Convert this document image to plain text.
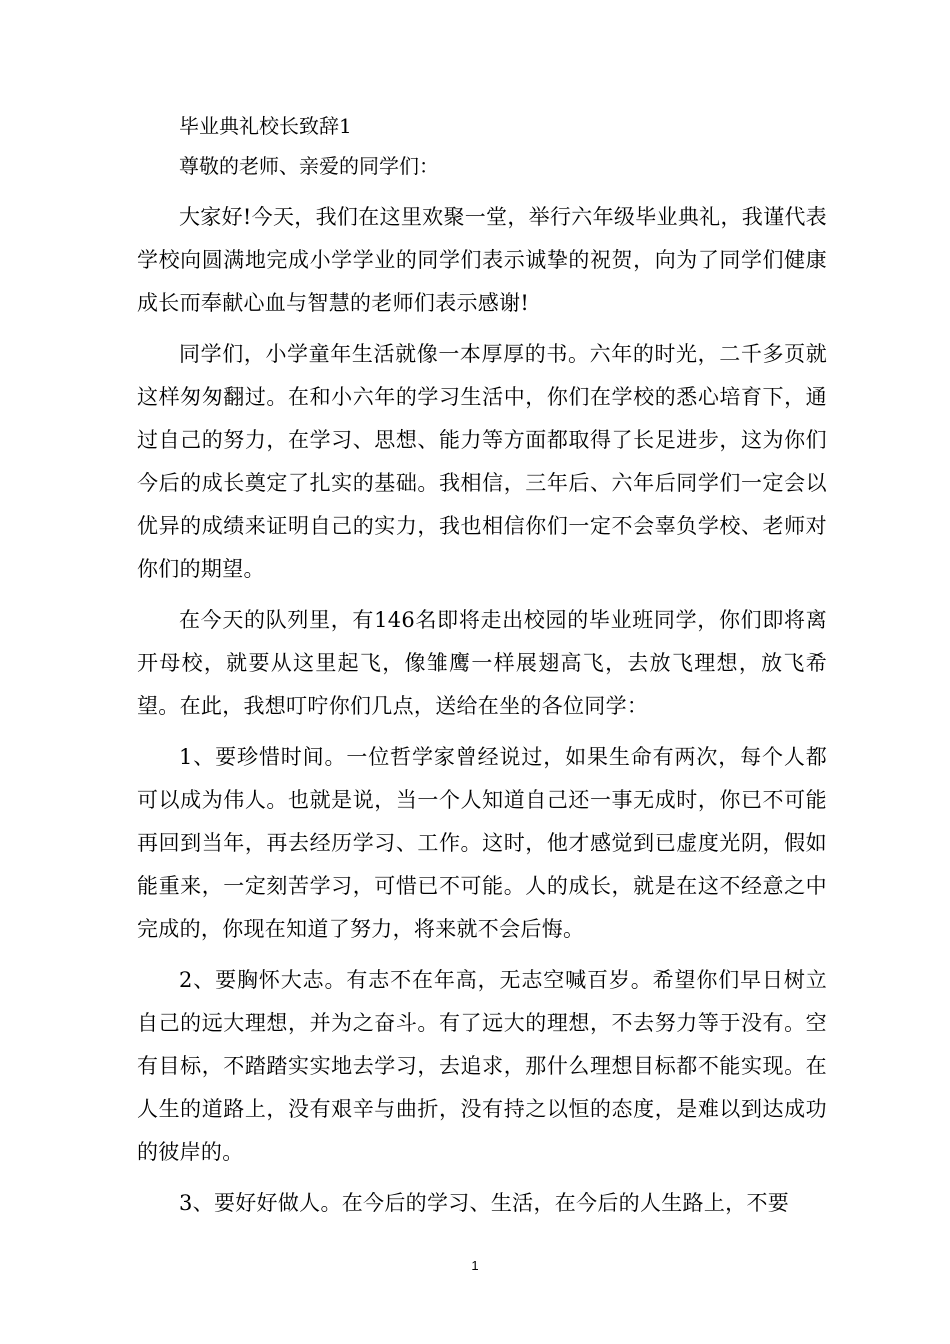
毕业典礼校长致辞1

尊敬的老师、亲爱的同学们：

大家好!今天，我们在这里欢聚一堂，举行六年级毕业典礼，我谨代表学校向圆满地完成小学学业的同学们表示诚挚的祝贺，向为了同学们健康成长而奉献心血与智慧的老师们表示感谢!

同学们，小学童年生活就像一本厚厚的书。六年的时光，二千多页就这样匆匆翻过。在和小六年的学习生活中，你们在学校的悉心培育下，通过自己的努力，在学习、思想、能力等方面都取得了长足进步，这为你们今后的成长奠定了扎实的基础。我相信，三年后、六年后同学们一定会以优异的成绩来证明自己的实力，我也相信你们一定不会辜负学校、老师对你们的期望。

在今天的队列里，有146名即将走出校园的毕业班同学，你们即将离开母校，就要从这里起飞，像雏鹰一样展翅高飞，去放飞理想，放飞希望。在此，我想叮咛你们几点，送给在坐的各位同学：

1、要珍惜时间。一位哲学家曾经说过，如果生命有两次，每个人都可以成为伟人。也就是说，当一个人知道自己还一事无成时，你已不可能再回到当年，再去经历学习、工作。这时，他才感觉到已虚度光阴，假如能重来，一定刻苦学习，可惜已不可能。人的成长，就是在这不经意之中完成的，你现在知道了努力，将来就不会后悔。

2、要胸怀大志。有志不在年高，无志空喊百岁。希望你们早日树立自己的远大理想，并为之奋斗。有了远大的理想，不去努力等于没有。空有目标，不踏踏实实地去学习，去追求，那什么理想目标都不能实现。在人生的道路上，没有艰辛与曲折，没有持之以恒的态度，是难以到达成功的彼岸的。

3、要好好做人。在今后的学习、生活，在今后的人生路上，不要

1
